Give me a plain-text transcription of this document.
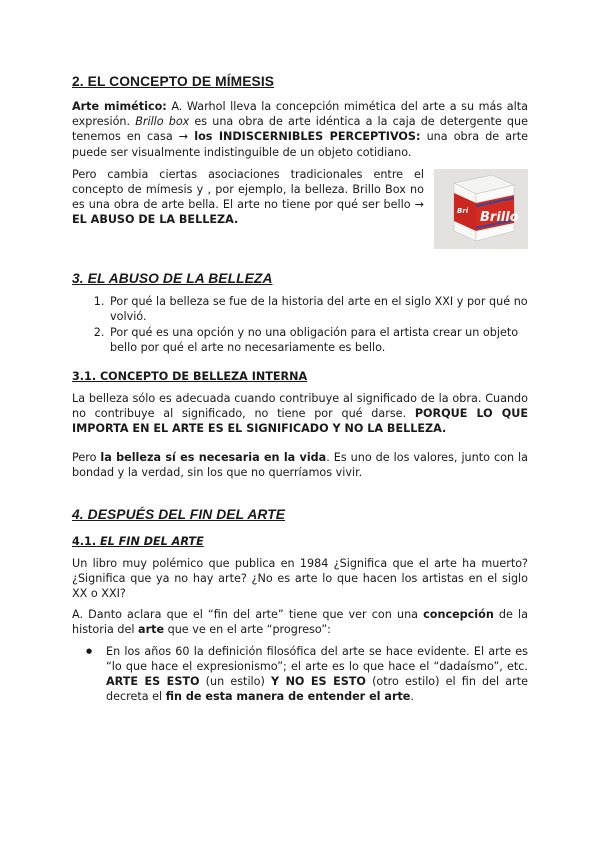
2. EL CONCEPTO DE MÍMESIS

Arte mimético: A. Warhol lleva la concepción mimética del arte a su más alta expresión. Brillo box es una obra de arte idéntica a la caja de detergente que tenemos en casa → los INDISCERNIBLES PERCEPTIVOS: una obra de arte puede ser visualmente indistinguible de un objeto cotidiano.

Brillo
Bri

Pero cambia ciertas asociaciones tradicionales entre el concepto de mímesis y , por ejemplo, la belleza. Brillo Box no es una obra de arte bella. El arte no tiene por qué ser bello → EL ABUSO DE LA BELLEZA.

3. EL ABUSO DE LA BELLEZA
1. Por qué la belleza se fue de la historia del arte en el siglo XXI y por qué no volvió.
2. Por qué es una opción y no una obligación para el artista crear un objeto bello por qué el arte no necesariamente es bello.
3.1. CONCEPTO DE BELLEZA INTERNA

La belleza sólo es adecuada cuando contribuye al significado de la obra. Cuando no contribuye al significado, no tiene por qué darse. PORQUE LO QUE IMPORTA EN EL ARTE ES EL SIGNIFICADO Y NO LA BELLEZA.

Pero la belleza sí es necesaria en la vida. Es uno de los valores, junto con la bondad y la verdad, sin los que no querríamos vivir.

4. DESPUÉS DEL FIN DEL ARTE
4.1. EL FIN DEL ARTE

Un libro muy polémico que publica en 1984 ¿Significa que el arte ha muerto? ¿Significa que ya no hay arte? ¿No es arte lo que hacen los artistas en el siglo XX o XXI?

A. Danto aclara que el “fin del arte” tiene que ver con una concepción de la historia del arte que ve en el arte “progreso”:

● En los años 60 la definición filosófica del arte se hace evidente. El arte es “lo que hace el expresionismo”; el arte es lo que hace el “dadaísmo”, etc. ARTE ES ESTO (un estilo) Y NO ES ESTO (otro estilo) el fin del arte decreta el fin de esta manera de entender el arte.
